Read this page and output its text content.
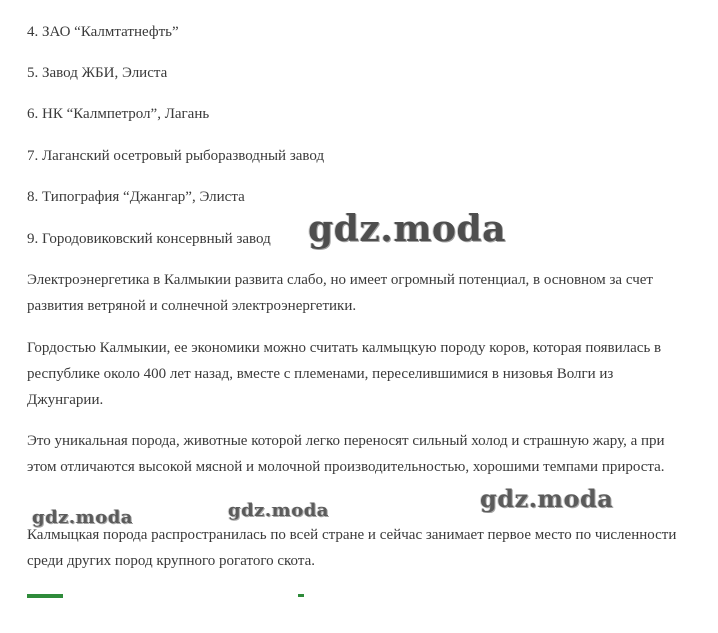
4. ЗАО “Калмтатнефть”
5. Завод ЖБИ, Элиста
6. НК “Калмпетрол”, Лагань
7. Лаганский осетровый рыборазводный завод
8. Типография “Джангар”, Элиста
9. Городовиковский консервный завод
Электроэнергетика в Калмыкии развита слабо, но имеет огромный потенциал, в основном за счет развития ветряной и солнечной электроэнергетики.
Гордостью Калмыкии, ее экономики можно считать калмыцкую породу коров, которая появилась в республике около 400 лет назад, вместе с племенами, переселившимися в низовья Волги из Джунгарии.
Это уникальная порода, животные которой легко переносят сильный холод и страшную жару, а при этом отличаются высокой мясной и молочной производительностью, хорошими темпами прироста.
Калмыцкая порода распространилась по всей стране и сейчас занимает первое место по численности среди других пород крупного рогатого скота.
gdz.moda
gdz.moda	gdz.moda	gdz.moda
